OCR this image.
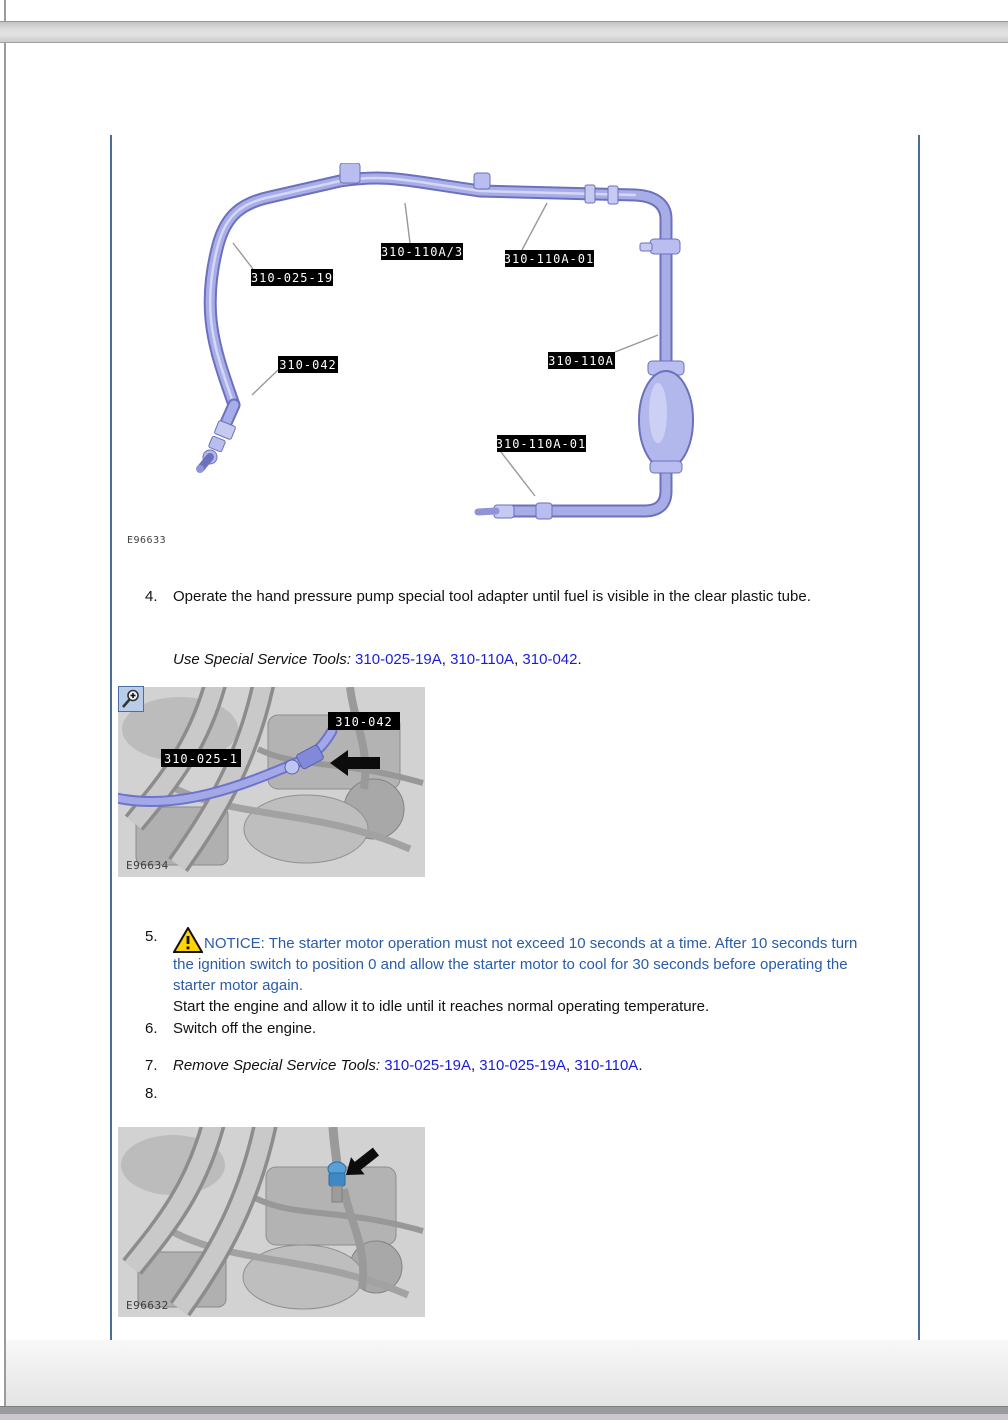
310-025-19
310-110A/3	310-110A-01
310-042	310-110A
310-110A-01
E96633
4.	Operate the hand pressure pump special tool adapter until fuel is visible in the clear plastic tube.

Use Special Service Tools: 310-025-19A, 310-110A, 310-042.

310-025-1
310-042
E96634
5.	NOTICE: The starter motor operation must not exceed 10 seconds at a time. After 10 seconds turn the ignition switch to position 0 and allow the starter motor to cool for 30 seconds before operating the starter motor again.

Start the engine and allow it to idle until it reaches normal operating temperature.

6.	Switch off the engine.

7.	Remove Special Service Tools: 310-025-19A, 310-025-19A, 310-110A.

8.
E96632
